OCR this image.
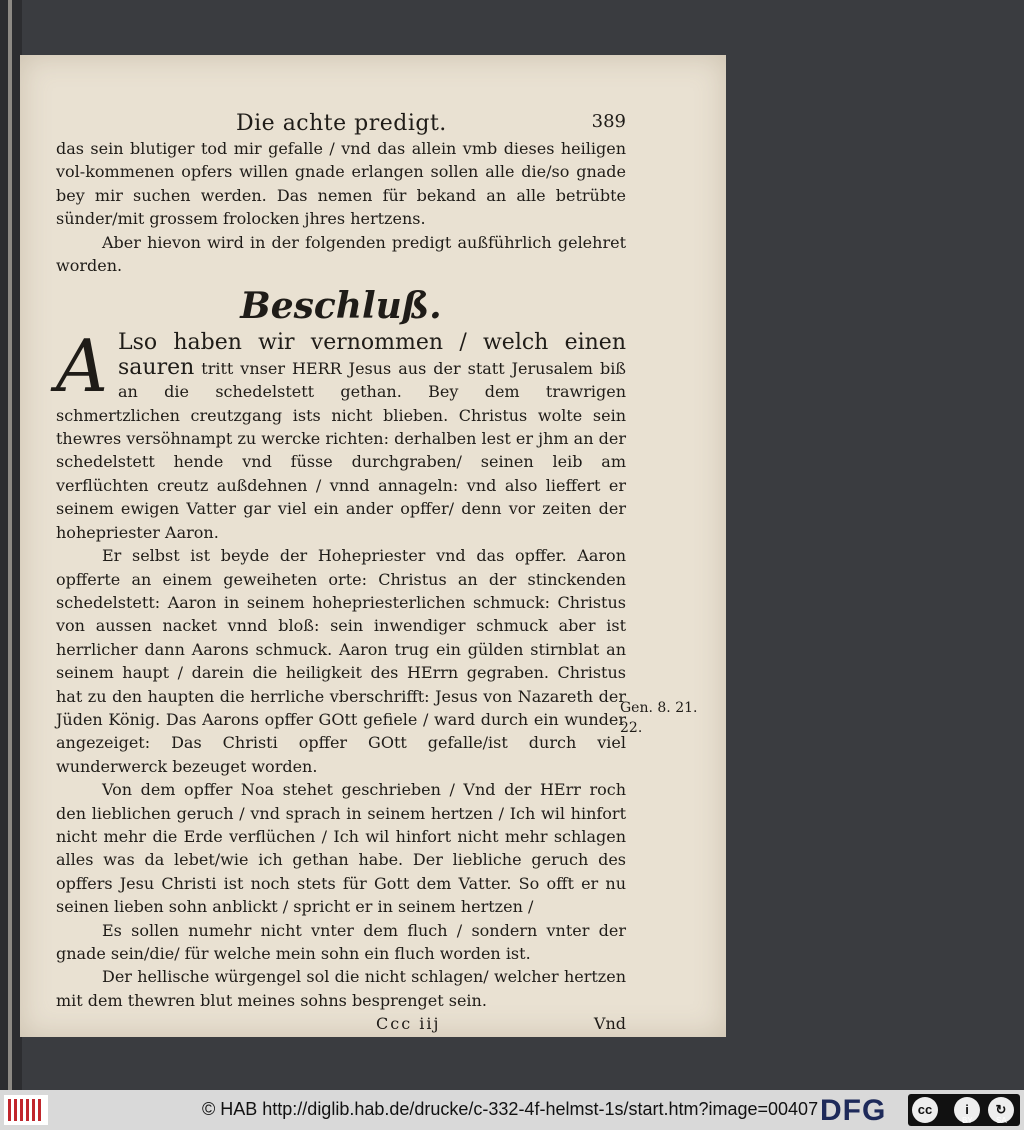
Die achte predigt.	389

das sein blutiger tod mir gefalle / vnd das allein vmb dieses heiligen vol-kommenen opfers willen gnade erlangen sollen alle die/so gnade bey mir suchen werden. Das nemen für bekand an alle betrübte sünder/mit grossem frolocken jhres hertzens.

Aber hievon wird in der folgenden predigt außführlich gelehret worden.

Beschluß.
A Lso haben wir vernommen / welch einen sauren tritt vnser HERR Jesus aus der statt Jerusalem biß an die schedelstett gethan. Bey dem trawrigen schmertzlichen creutzgang ists nicht blieben. Christus wolte sein thewres versöhnampt zu wercke richten: derhalben lest er jhm an der schedelstett hende vnd füsse durchgraben/ seinen leib am verflüchten creutz außdehnen / vnnd annageln: vnd also lieffert er seinem ewigen Vatter gar viel ein ander opffer/ denn vor zeiten der hohepriester Aaron.

Er selbst ist beyde der Hohepriester vnd das opffer. Aaron opfferte an einem geweiheten orte: Christus an der stinckenden schedelstett: Aaron in seinem hohepriesterlichen schmuck: Christus von aussen nacket vnnd bloß: sein inwendiger schmuck aber ist herrlicher dann Aarons schmuck. Aaron trug ein gülden stirnblat an seinem haupt / darein die heiligkeit des HErrn gegraben. Christus hat zu den haupten die herrliche vberschrifft: Jesus von Nazareth der Jüden König. Das Aarons opffer GOtt gefiele / ward durch ein wunder angezeiget: Das Christi opffer GOtt gefalle/ist durch viel wunderwerck bezeuget worden.

Von dem opffer Noa stehet geschrieben / Vnd der HErr roch den lieblichen geruch / vnd sprach in seinem hertzen / Ich wil hinfort nicht mehr die Erde verflüchen / Ich wil hinfort nicht mehr schlagen alles was da lebet/wie ich gethan habe. Der liebliche geruch des opffers Jesu Christi ist noch stets für Gott dem Vatter. So offt er nu seinen lieben sohn anblickt / spricht er in seinem hertzen /

Es sollen numehr nicht vnter dem fluch / sondern vnter der gnade sein/die/ für welche mein sohn ein fluch worden ist.

Der hellische würgengel sol die nicht schlagen/ welcher hertzen mit dem thewren blut meines sohns besprenget sein.

Ccc iij	Vnd
Gen. 8. 21. 22.
© HAB http://diglib.hab.de/drucke/c-332-4f-helmst-1s/start.htm?image=00407 DFG	cc	i	↻
BY	SA
